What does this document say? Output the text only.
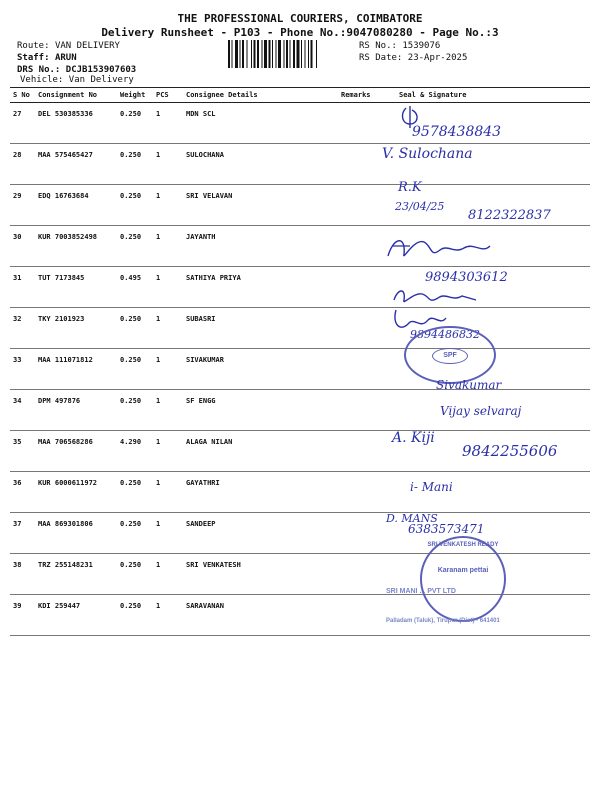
THE PROFESSIONAL COURIERS, COIMBATORE
Delivery Runsheet - P103 - Phone No.:9047080280 - Page No.:3
Route: VAN DELIVERY
Staff: ARUN
DRS No.: DCJB153907603
Vehicle: Van Delivery
RS No.: 1539076
RS Date: 23-Apr-2025
S No	Consignment No	Weight	PCS	Consignee Details	Remarks	Seal & Signature

27	DEL 530385336	0.250	1	MDN SCL		

28	MAA 575465427	0.250	1	SULOCHANA		

29	EDQ 16763684	0.250	1	SRI VELAVAN		

30	KUR 7003852498	0.250	1	JAYANTH		

31	TUT 7173845	0.495	1	SATHIYA PRIYA		

32	TKY 2101923	0.250	1	SUBASRI		

33	MAA 111071812	0.250	1	SIVAKUMAR		

34	DPM 497876	0.250	1	SF ENGG		

35	MAA 706568286	4.290	1	ALAGA NILAN		

36	KUR 6000611972	0.250	1	GAYATHRI		

37	MAA 869301806	0.250	1	SANDEEP		

38	TRZ 255148231	0.250	1	SRI VENKATESH		

39	KDI 259447	0.250	1	SARAVANAN		

9578438843
V. Sulochana
R.K
23/04/25
8122322837
9894303612
9894486832
SPF
Sivakumar
Vijay selvaraj
A. Kiji
9842255606
i- Mani
D. MANS
6383573471
SRI VENKATESH READY
Karanam pettai
SRI MANI ... PVT LTD
Palladam (Taluk), Tirupur (Dist) - 641401
